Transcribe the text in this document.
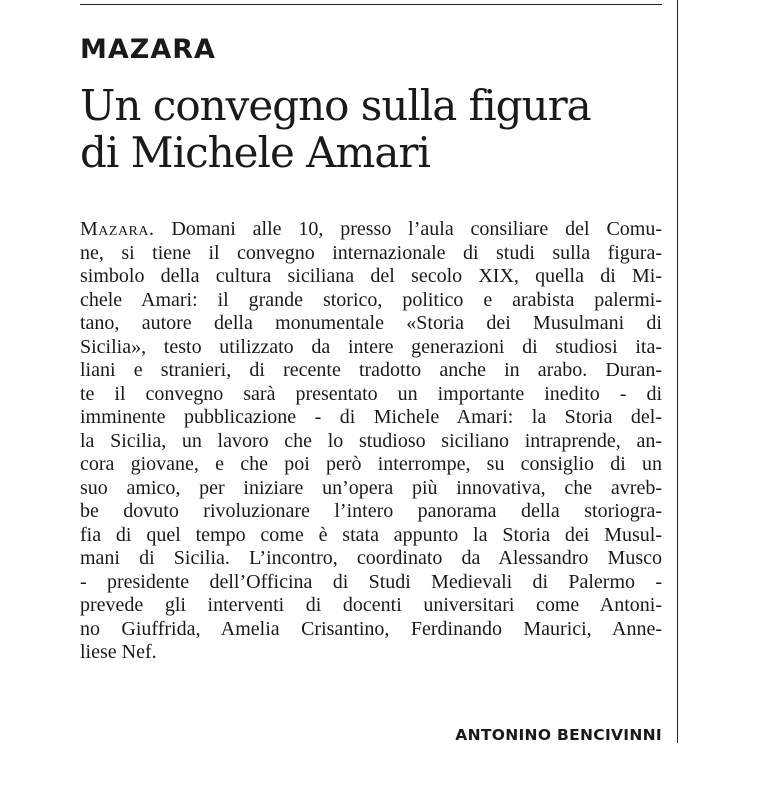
MAZARA
Un convegno sulla figura
di Michele Amari
Mazara. Domani alle 10, presso l’aula consiliare del Comu-
ne, si tiene il convegno internazionale di studi sulla figura-
simbolo della cultura siciliana del secolo XIX, quella di Mi-
chele Amari: il grande storico, politico e arabista palermi-
tano, autore della monumentale «Storia dei Musulmani di
Sicilia», testo utilizzato da intere generazioni di studiosi ita-
liani e stranieri, di recente tradotto anche in arabo. Duran-
te il convegno sarà presentato un importante inedito - di
imminente pubblicazione - di Michele Amari: la Storia del-
la Sicilia, un lavoro che lo studioso siciliano intraprende, an-
cora giovane, e che poi però interrompe, su consiglio di un
suo amico, per iniziare un’opera più innovativa, che avreb-
be dovuto rivoluzionare l’intero panorama della storiogra-
fia di quel tempo come è stata appunto la Storia dei Musul-
mani di Sicilia. L’incontro, coordinato da Alessandro Musco
- presidente dell’Officina di Studi Medievali di Palermo -
prevede gli interventi di docenti universitari come Antoni-
no Giuffrida, Amelia Crisantino, Ferdinando Maurici, Anne-
liese Nef.

ANTONINO BENCIVINNI
